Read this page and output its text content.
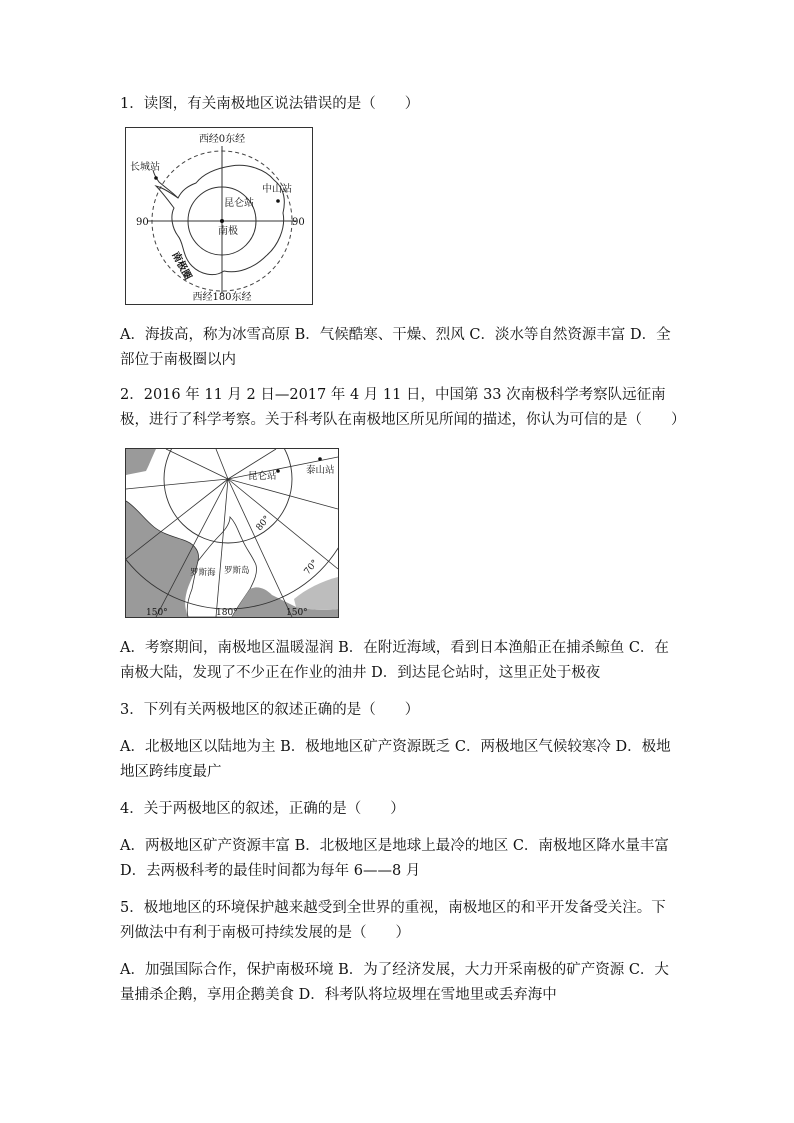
1．读图，有关南极地区说法错误的是（　　）

西经0东经
西经180东经
90	90
长城站
中山站
昆仑站
南极
南极圈

A．海拔高，称为冰雪高原 B．气候酷寒、干燥、烈风 C．淡水等自然资源丰富 D．全部位于南极圈以内

2．2016 年 11 月 2 日—2017 年 4 月 11 日，中国第 33 次南极科学考察队远征南极，进行了科学考察。关于科考队在南极地区所见所闻的描述，你认为可信的是（　　）

昆仑站
泰山站
罗斯海 罗斯岛
80°
70°
150°	180°	150°

A．考察期间，南极地区温暖湿润 B．在附近海域，看到日本渔船正在捕杀鲸鱼 C．在南极大陆，发现了不少正在作业的油井 D．到达昆仑站时，这里正处于极夜

3．下列有关两极地区的叙述正确的是（　　）

A．北极地区以陆地为主 B．极地地区矿产资源既乏 C．两极地区气候较寒冷 D．极地地区跨纬度最广

4．关于两极地区的叙述，正确的是（　　）

A．两极地区矿产资源丰富 B．北极地区是地球上最冷的地区 C．南极地区降水量丰富 D．去两极科考的最佳时间都为每年 6——8 月

5．极地地区的环境保护越来越受到全世界的重视，南极地区的和平开发备受关注。下列做法中有利于南极可持续发展的是（　　）

A．加强国际合作，保护南极环境 B．为了经济发展，大力开采南极的矿产资源 C．大量捕杀企鹅，享用企鹅美食 D．科考队将垃圾埋在雪地里或丢弃海中
